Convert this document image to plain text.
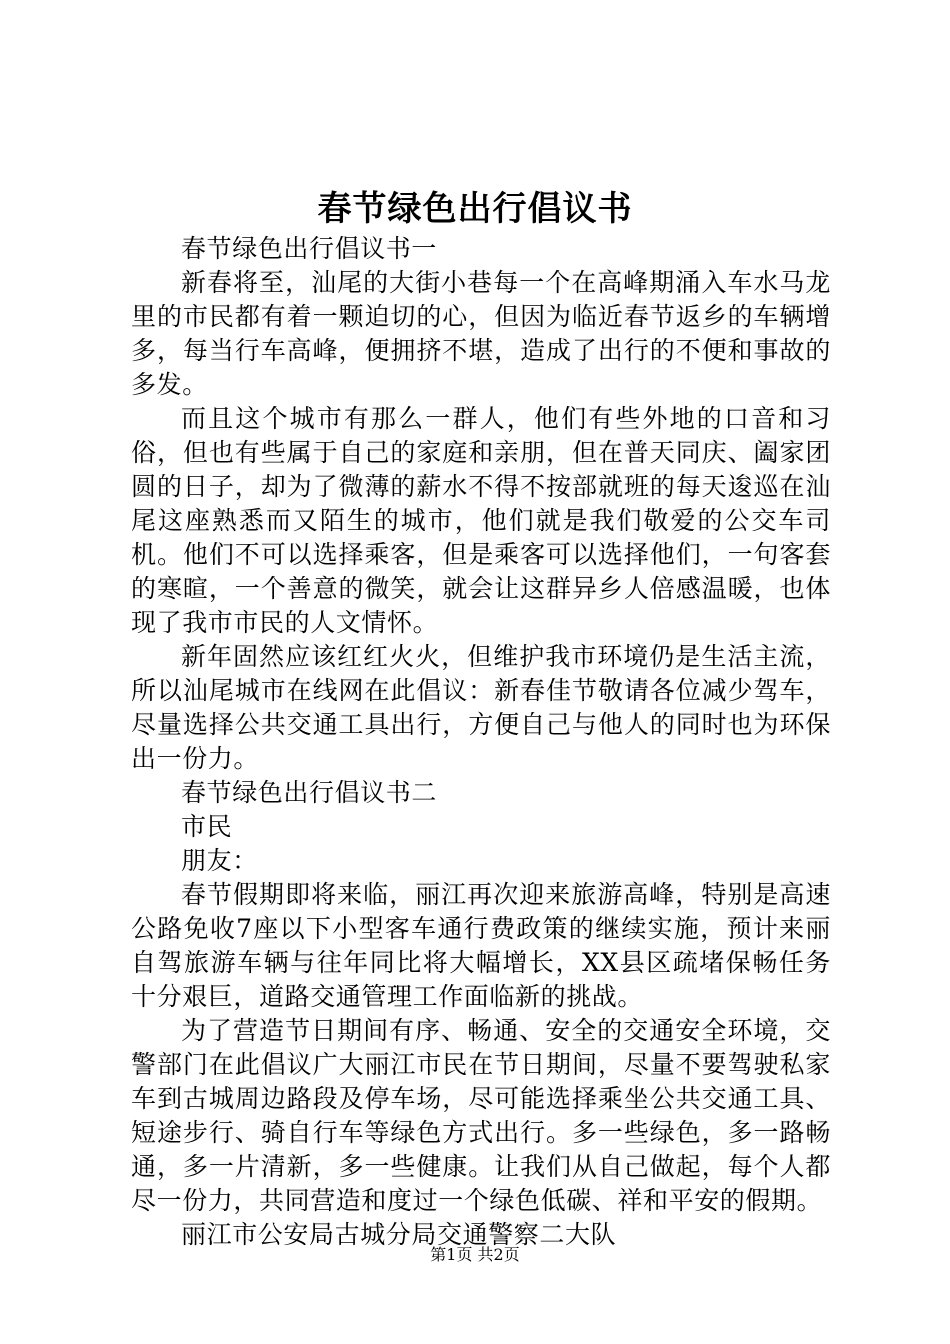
春节绿色出行倡议书

春节绿色出行倡议书一

新春将至，汕尾的大街小巷每一个在高峰期涌入车水马龙里的市民都有着一颗迫切的心，但因为临近春节返乡的车辆增多，每当行车高峰，便拥挤不堪，造成了出行的不便和事故的多发。

而且这个城市有那么一群人，他们有些外地的口音和习俗，但也有些属于自己的家庭和亲朋，但在普天同庆、阖家团圆的日子，却为了微薄的薪水不得不按部就班的每天逡巡在汕尾这座熟悉而又陌生的城市，他们就是我们敬爱的公交车司机。他们不可以选择乘客，但是乘客可以选择他们，一句客套的寒暄，一个善意的微笑，就会让这群异乡人倍感温暖，也体现了我市市民的人文情怀。

新年固然应该红红火火，但维护我市环境仍是生活主流，所以汕尾城市在线网在此倡议：新春佳节敬请各位减少驾车，尽量选择公共交通工具出行，方便自己与他人的同时也为环保出一份力。

春节绿色出行倡议书二

市民

朋友：

春节假期即将来临，丽江再次迎来旅游高峰，特别是高速公路免收7座以下小型客车通行费政策的继续实施，预计来丽自驾旅游车辆与往年同比将大幅增长，XX县区疏堵保畅任务十分艰巨，道路交通管理工作面临新的挑战。

为了营造节日期间有序、畅通、安全的交通安全环境，交警部门在此倡议广大丽江市民在节日期间，尽量不要驾驶私家车到古城周边路段及停车场，尽可能选择乘坐公共交通工具、短途步行、骑自行车等绿色方式出行。多一些绿色，多一路畅通，多一片清新，多一些健康。让我们从自己做起，每个人都尽一份力，共同营造和度过一个绿色低碳、祥和平安的假期。

丽江市公安局古城分局交通警察二大队

第1页 共2页
